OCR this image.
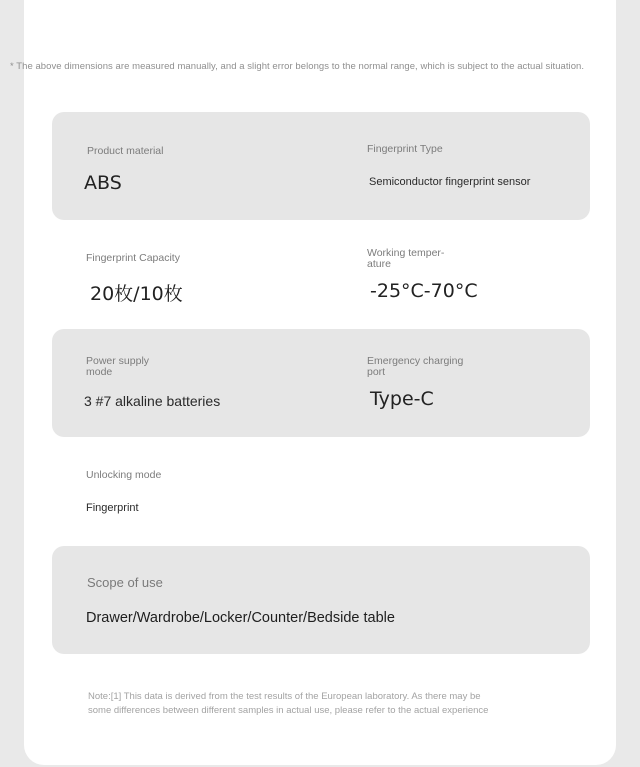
* The above dimensions are measured manually, and a slight error belongs to the normal range, which is subject to the actual situation.
Product material
ABS
Fingerprint Type
Semiconductor fingerprint sensor
Fingerprint Capacity
20枚/10枚
Working temper-
ature
-25°C-70°C
Power supply
mode
3 #7 alkaline batteries
Emergency charging
port
Type-C
Unlocking mode
Fingerprint
Scope of use
Drawer/Wardrobe/Locker/Counter/Bedside table
Note:[1] This data is derived from the test results of the European laboratory. As there may be
some differences between different samples in actual use, please refer to the actual experience
